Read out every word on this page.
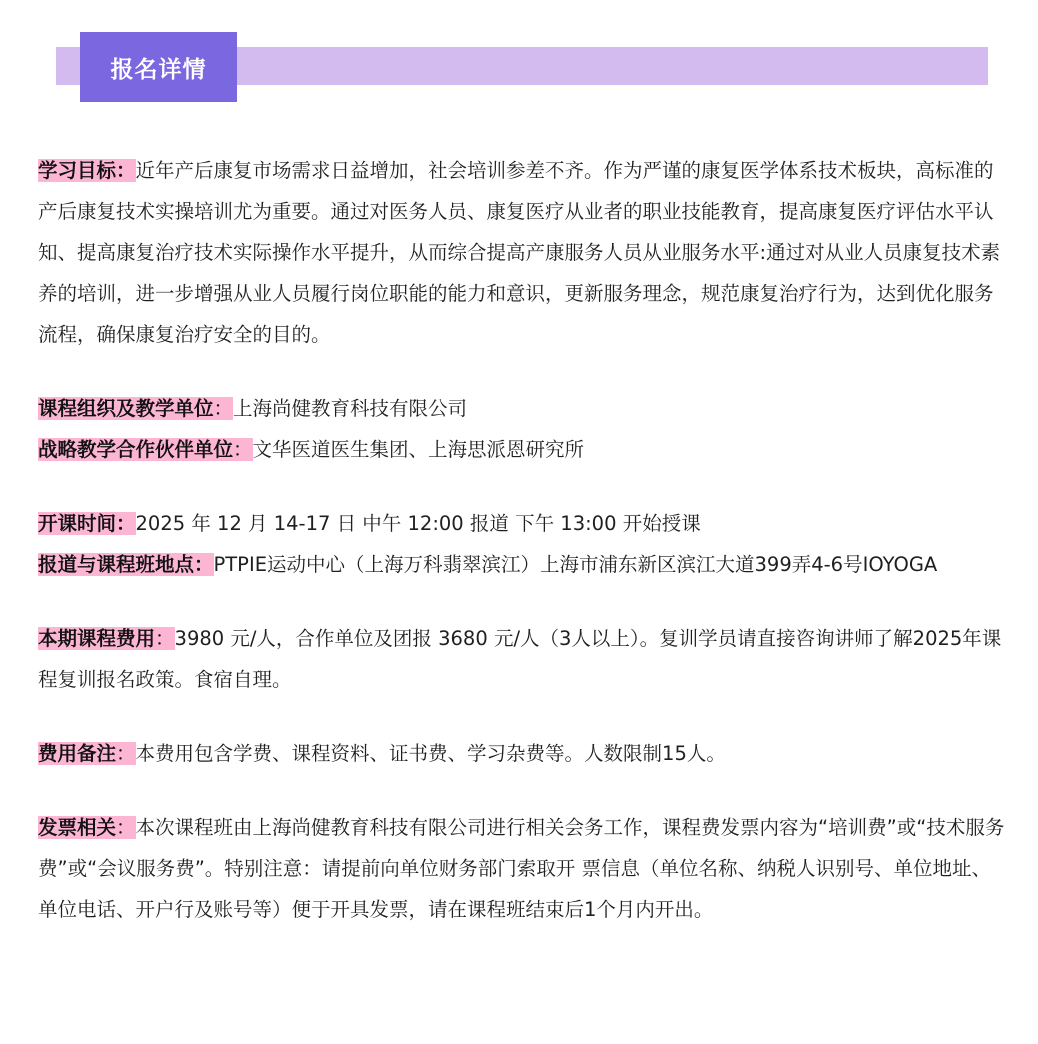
报名详情

学习目标：近年产后康复市场需求日益增加，社会培训参差不齐。作为严谨的康复医学体系技术板块，高标准的产后康复技术实操培训尤为重要。通过对医务人员、康复医疗从业者的职业技能教育，提高康复医疗评估水平认知、提高康复治疗技术实际操作水平提升，从而综合提高产康服务人员从业服务水平:通过对从业人员康复技术素养的培训，进一步增强从业人员履行岗位职能的能力和意识，更新服务理念，规范康复治疗行为，达到优化服务流程，确保康复治疗安全的目的。

课程组织及教学单位：上海尚健教育科技有限公司

战略教学合作伙伴单位：文华医道医生集团、上海思派恩研究所

开课时间：2025 年 12 月 14-17 日 中午 12:00 报道 下午 13:00 开始授课

报道与课程班地点：PTPIE运动中心（上海万科翡翠滨江）上海市浦东新区滨江大道399弄4-6号IOYOGA

本期课程费用：3980 元/人，合作单位及团报 3680 元/人（3人以上）。复训学员请直接咨询讲师了解2025年课程复训报名政策。食宿自理。

费用备注：本费用包含学费、课程资料、证书费、学习杂费等。人数限制15人。

发票相关：本次课程班由上海尚健教育科技有限公司进行相关会务工作，课程费发票内容为“培训费”或“技术服务费”或“会议服务费”。特别注意：请提前向单位财务部门索取开 票信息（单位名称、纳税人识别号、单位地址、单位电话、开户行及账号等）便于开具发票，请在课程班结束后1个月内开出。
